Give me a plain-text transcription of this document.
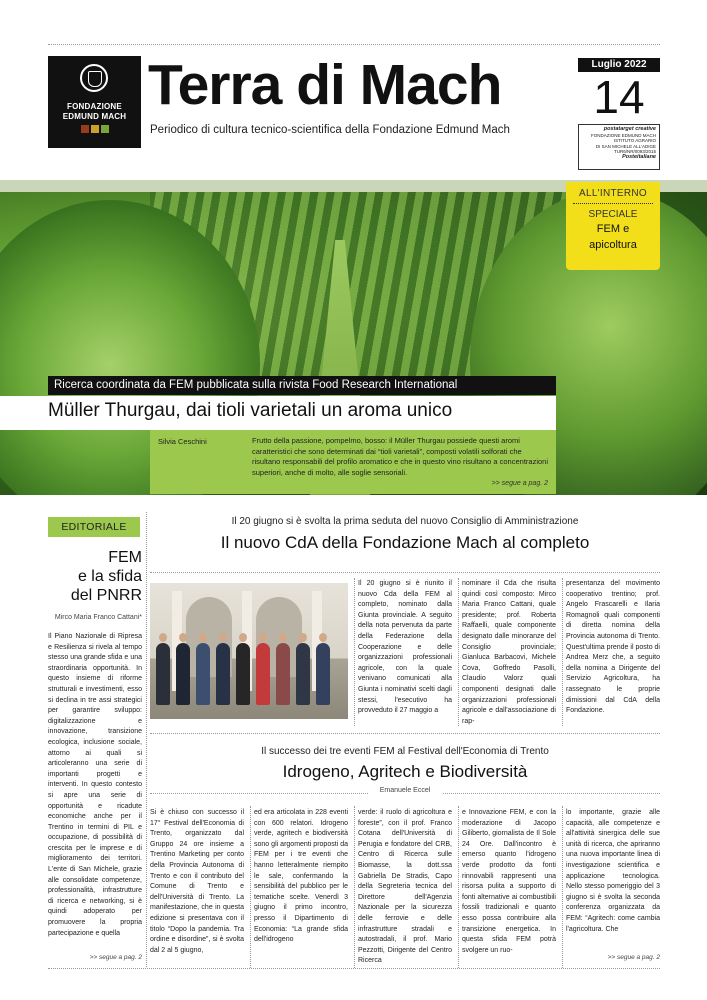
FONDAZIONE
EDMUND MACH Terra di Mach
Periodico di cultura tecnico-scientifica della Fondazione Edmund Mach
Luglio 2022
14
postatarget creative
FONDAZIONE EDMUND MACH
ISTITUTO AGRARIO
DI SAN MICHELE ALL'ADIGE
TUR6/NR/0093/2015
Posteitaliane
ALL'INTERNO
SPECIALE
FEM e
apicoltura
Ricerca coordinata da FEM pubblicata sulla rivista Food Research International
Müller Thurgau, dai tioli varietali un aroma unico
Silvia Ceschini	Frutto della passione, pompelmo, bosso: il Müller Thurgau possiede questi aromi caratteristici che sono determinati dai “tioli varietali”, composti volatili solforati che risultano responsabili del profilo aromatico e che in questo vino risultano a concentrazioni superiori, anche di molto, alle soglie sensoriali.
>> segue a pag. 2
EDITORIALE
FEM
e la sfida
del PNRR
Mirco Maria Franco Cattani*
Il Piano Nazionale di Ripresa e Resilienza si rivela al tempo stesso una grande sfida e una straordinaria opportunità. In questo insieme di riforme strutturali e investimenti, esso si declina in tre assi strategici per garantire sviluppo: digitalizzazione e innovazione, transizione ecologica, inclusione sociale, attorno ai quali si articoleranno una serie di importanti progetti e interventi. In questo contesto si apre una serie di opportunità e ricadute economiche anche per il Trentino in termini di PIL e occupazione, di possibilità di crescita per le imprese e di miglioramento dei territori. L'ente di San Michele, grazie alle consolidate competenze, professionalità, infrastrutture di ricerca e networking, si è quindi adoperato per promuovere la propria partecipazione e quella
>> segue a pag. 2
Il 20 giugno si è svolta la prima seduta del nuovo Consiglio di Amministrazione
Il nuovo CdA della Fondazione Mach al completo
Il 20 giugno si è riunito il nuovo Cda della FEM al completo, nominato dalla Giunta provinciale. A seguito della nota pervenuta da parte della Federazione della Cooperazione e delle organizzazioni professionali agricole, con la quale venivano comunicati alla Giunta i nominativi scelti dagli stessi, l'esecutivo ha provveduto il 27 maggio a
nominare il Cda che risulta quindi così composto: Mirco Maria Franco Cattani, quale presidente; prof. Roberta Raffaelli, quale componente designato dalle minoranze del Consiglio provinciale; Gianluca Barbacovi, Michele Cova, Goffredo Pasolli, Claudio Valorz quali componenti designati dalle organizzazioni professionali agricole e dall'associazione di rap-
presentanza del movimento cooperativo trentino; prof. Angelo Frascarelli e Ilaria Romagnoli quali componenti di diretta nomina della Provincia autonoma di Trento. Quest'ultima prende il posto di Andrea Merz che, a seguito della nomina a Dirigente del Servizio Agricoltura, ha rassegnato le proprie dimissioni dal CdA della Fondazione.
Il successo dei tre eventi FEM al Festival dell'Economia di Trento
Idrogeno, Agritech e Biodiversità
Emanuele Eccel
Si è chiuso con successo il 17° Festival dell'Economia di Trento, organizzato dal Gruppo 24 ore insieme a Trentino Marketing per conto della Provincia Autonoma di Trento e con il contributo del Comune di Trento e dell'Università di Trento. La manifestazione, che in questa edizione si presentava con il titolo “Dopo la pandemia. Tra ordine e disordine”, si è svolta dal 2 al 5 giugno,
ed era articolata in 228 eventi con 600 relatori. Idrogeno verde, agritech e biodiversità sono gli argomenti proposti da FEM per i tre eventi che hanno letteralmente riempito le sale, confermando la sensibilità del pubblico per le tematiche scelte. Venerdì 3 giugno il primo incontro, presso il Dipartimento di Economia: “La grande sfida dell'idrogeno
verde: il ruolo di agricoltura e foreste”, con il prof. Franco Cotana dell'Università di Perugia e fondatore del CRB, Centro di Ricerca sulle Biomasse, la dott.ssa Gabriella De Stradis, Capo della Segreteria tecnica del Direttore dell'Agenzia Nazionale per la sicurezza delle ferrovie e delle infrastrutture stradali e autostradali, il prof. Mario Pezzotti, Dirigente del Centro Ricerca
e Innovazione FEM, e con la moderazione di Jacopo Giliberto, giornalista de Il Sole 24 Ore. Dall'incontro è emerso quanto l'idrogeno verde prodotto da fonti rinnovabili rappresenti una risorsa pulita a supporto di fonti alternative ai combustibili fossili tradizionali e quanto esso possa contribuire alla transizione energetica. In questa sfida FEM potrà svolgere un ruo-
lo importante, grazie alle capacità, alle competenze e all'attività sinergica delle sue unità di ricerca, che apriranno una nuova importante linea di investigazione scientifica e applicazione tecnologica. Nello stesso pomeriggio del 3 giugno si è svolta la seconda conferenza organizzata da FEM: “Agritech: come cambia l'agricoltura. Che
>> segue a pag. 2
